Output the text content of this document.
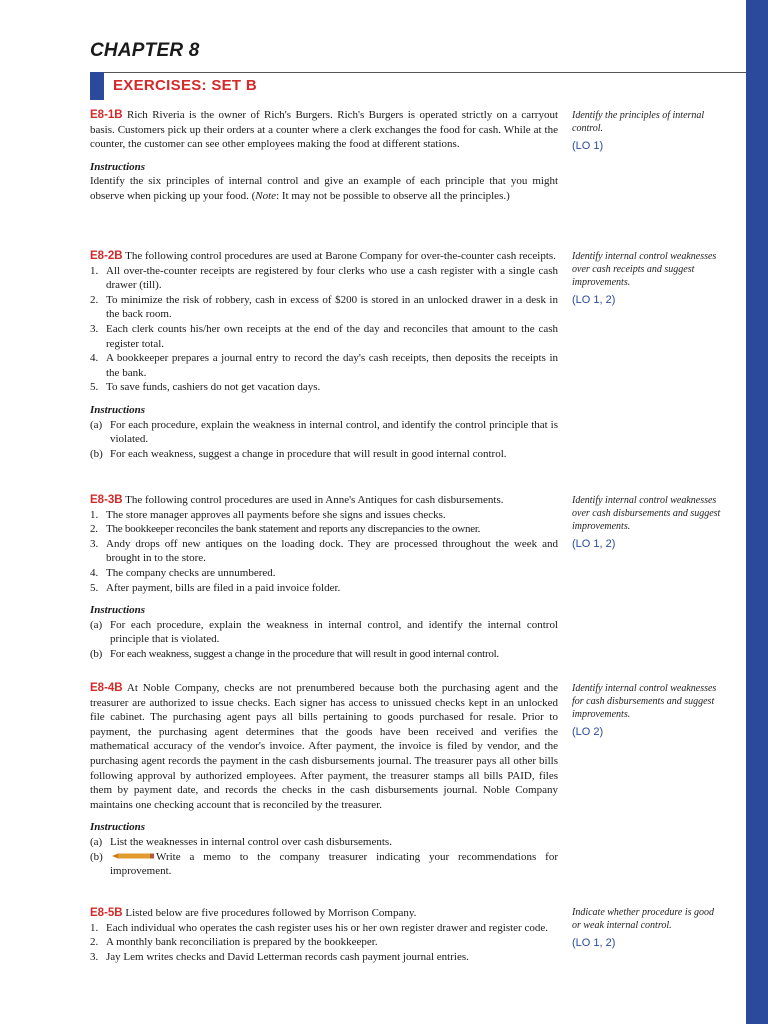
CHAPTER 8
EXERCISES: SET B

E8-1B Rich Riveria is the owner of Rich's Burgers. Rich's Burgers is operated strictly on a carryout basis. Customers pick up their orders at a counter where a clerk exchanges the food for cash. While at the counter, the customer can see other employees making the food at different stations.

Instructions

Identify the six principles of internal control and give an example of each principle that you might observe when picking up your food. (Note: It may not be possible to observe all the principles.)

Identify the principles of internal control.
(LO 1)

E8-2B The following control procedures are used at Barone Company for over-the-counter cash receipts.

1. All over-the-counter receipts are registered by four clerks who use a cash register with a single cash drawer (till).
2. To minimize the risk of robbery, cash in excess of $200 is stored in an unlocked drawer in a desk in the back room.
3. Each clerk counts his/her own receipts at the end of the day and reconciles that amount to the cash register total.
4. A bookkeeper prepares a journal entry to record the day's cash receipts, then deposits the receipts in the bank.
5. To save funds, cashiers do not get vacation days.

Instructions

(a) For each procedure, explain the weakness in internal control, and identify the control principle that is violated.
(b) For each weakness, suggest a change in procedure that will result in good internal control.
Identify internal control weaknesses over cash receipts and suggest improvements.
(LO 1, 2)

E8-3B The following control procedures are used in Anne's Antiques for cash disbursements.

1. The store manager approves all payments before she signs and issues checks.
2. The bookkeeper reconciles the bank statement and reports any discrepancies to the owner.
3. Andy drops off new antiques on the loading dock. They are processed throughout the week and brought in to the store.
4. The company checks are unnumbered.
5. After payment, bills are filed in a paid invoice folder.

Instructions

(a) For each procedure, explain the weakness in internal control, and identify the internal control principle that is violated.
(b) For each weakness, suggest a change in the procedure that will result in good internal control.
Identify internal control weaknesses over cash disbursements and suggest improvements.
(LO 1, 2)

E8-4B At Noble Company, checks are not prenumbered because both the purchasing agent and the treasurer are authorized to issue checks. Each signer has access to unissued checks kept in an unlocked file cabinet. The purchasing agent pays all bills pertaining to goods purchased for resale. Prior to payment, the purchasing agent determines that the goods have been received and verifies the mathematical accuracy of the vendor's invoice. After payment, the invoice is filed by vendor, and the purchasing agent records the payment in the cash disbursements journal. The treasurer pays all other bills following approval by authorized employees. After payment, the treasurer stamps all bills PAID, files them by payment date, and records the checks in the cash disbursements journal. Noble Company maintains one checking account that is reconciled by the treasurer.

Instructions

(a) List the weaknesses in internal control over cash disbursements.
(b)	Write a memo to the company treasurer indicating your recommendations for improvement.
Identify internal control weaknesses for cash disbursements and suggest improvements.
(LO 2)

E8-5B Listed below are five procedures followed by Morrison Company.

1. Each individual who operates the cash register uses his or her own register drawer and register code.
2. A monthly bank reconciliation is prepared by the bookkeeper.
3. Jay Lem writes checks and David Letterman records cash payment journal entries.
Indicate whether procedure is good or weak internal control.
(LO 1, 2)
